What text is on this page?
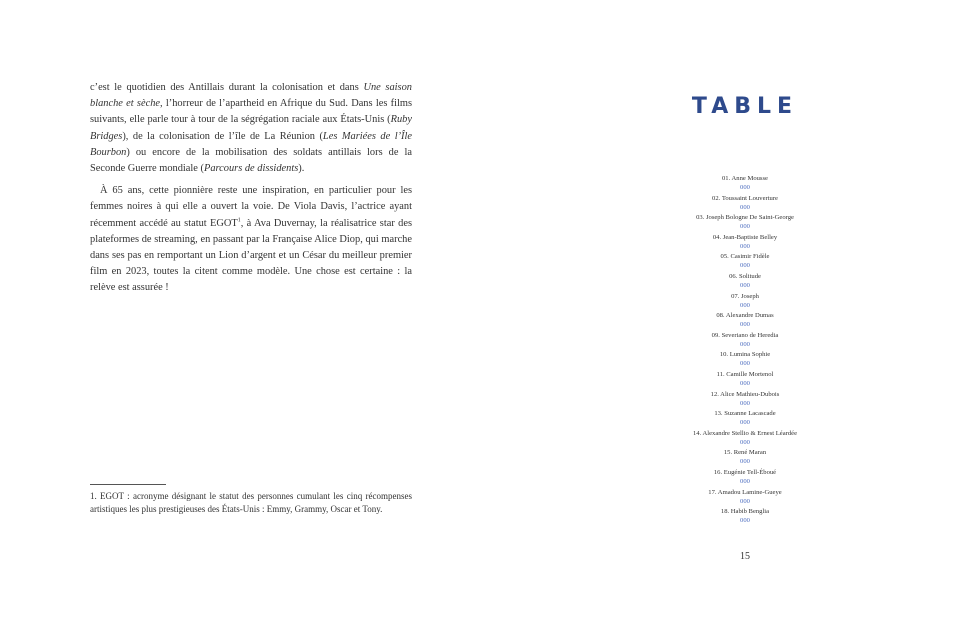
c’est le quotidien des Antillais durant la colonisation et dans Une saison blanche et sèche, l’horreur de l’apartheid en Afrique du Sud. Dans les films suivants, elle parle tour à tour de la ségrégation raciale aux États-Unis (Ruby Bridges), de la colonisation de l’île de La Réunion (Les Mariées de l’Île Bourbon) ou encore de la mobilisation des soldats antillais lors de la Seconde Guerre mondiale (Parcours de dissidents).

À 65 ans, cette pionnière reste une inspiration, en particulier pour les femmes noires à qui elle a ouvert la voie. De Viola Davis, l’actrice ayant récemment accédé au statut EGOT$^1$, à Ava Duvernay, la réalisatrice star des plateformes de streaming, en passant par la Française Alice Diop, qui marche dans ses pas en remportant un Lion d’argent et un César du meilleur premier film en 2023, toutes la citent comme modèle. Une chose est certaine : la relève est assurée !

1. EGOT : acronyme désignant le statut des personnes cumulant les cinq récompenses artistiques les plus prestigieuses des États-Unis : Emmy, Grammy, Oscar et Tony.

TABLE
01. Anne Mousse
000
02. Toussaint Louverture
000
03. Joseph Bologne De Saint-George
000
04. Jean-Baptiste Belley
000
05. Casimir Fidèle
000
06. Solitude
000
07. Joseph
000
08. Alexandre Dumas
000
09. Severiano de Heredia
000
10. Lumina Sophie
000
11. Camille Mortenol
000
12. Alice Mathieu-Dubois
000
13. Suzanne Lacascade
000
14. Alexandre Stellio & Ernest Léardée
000
15. René Maran
000
16. Eugénie Tell-Éboué
000
17. Amadou Lamine-Gueye
000
18. Habib Benglia
000
15
